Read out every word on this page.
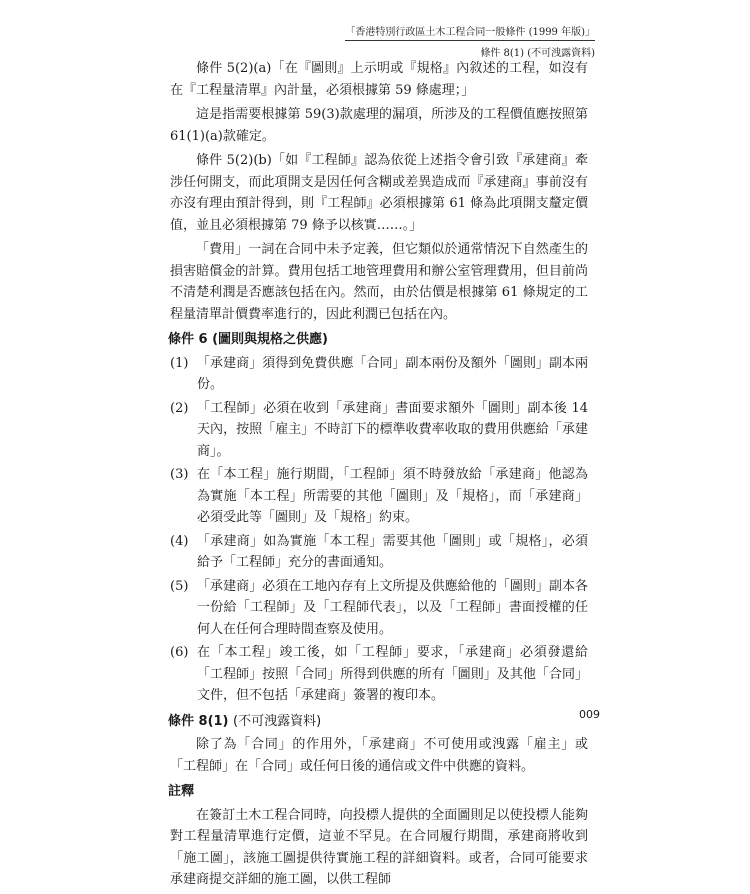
「香港特別行政區土木工程合同一般條件 (1999 年版)」
條件 8(1) (不可洩露資料)

條件 5(2)(a)「在『圖則』上示明或『規格』內敘述的工程，如沒有在『工程量清單』內計量，必須根據第 59 條處理；」

這是指需要根據第 59(3)款處理的漏項，所涉及的工程價值應按照第 61(1)(a)款確定。

條件 5(2)(b)「如『工程師』認為依從上述指令會引致『承建商』牽涉任何開支，而此項開支是因任何含糊或差異造成而『承建商』事前沒有亦沒有理由預計得到，則『工程師』必須根據第 61 條為此項開支釐定價值，並且必須根據第 79 條予以核實……。」

「費用」一詞在合同中未予定義，但它類似於通常情況下自然產生的損害賠償金的計算。費用包括工地管理費用和辦公室管理費用，但目前尚不清楚利潤是否應該包括在內。然而，由於估價是根據第 61 條規定的工程量清單計價費率進行的，因此利潤已包括在內。

條件 6 (圖則與規格之供應)
(1) 「承建商」須得到免費供應「合同」副本兩份及額外「圖則」副本兩份。
(2) 「工程師」必須在收到「承建商」書面要求額外「圖則」副本後 14 天內，按照「雇主」不時訂下的標準收費率收取的費用供應給「承建商」。
(3) 在「本工程」施行期間，「工程師」須不時發放給「承建商」他認為為實施「本工程」所需要的其他「圖則」及「規格」，而「承建商」必須受此等「圖則」及「規格」約束。
(4) 「承建商」如為實施「本工程」需要其他「圖則」或「規格」，必須給予「工程師」充分的書面通知。
(5) 「承建商」必須在工地內存有上文所提及供應給他的「圖則」副本各一份給「工程師」及「工程師代表」，以及「工程師」書面授權的任何人在任何合理時間查察及使用。
(6) 在「本工程」竣工後，如「工程師」要求，「承建商」必須發還給「工程師」按照「合同」所得到供應的所有「圖則」及其他「合同」文件，但不包括「承建商」簽署的複印本。
條件 8(1) (不可洩露資料)

除了為「合同」的作用外，「承建商」不可使用或洩露「雇主」或「工程師」在「合同」或任何日後的通信或文件中供應的資料。

註釋

在簽訂土木工程合同時，向投標人提供的全面圖則足以使投標人能夠對工程量清單進行定價，這並不罕見。在合同履行期間，承建商將收到「施工圖」，該施工圖提供待實施工程的詳細資料。或者，合同可能要求承建商提交詳細的施工圖，以供工程師

009
